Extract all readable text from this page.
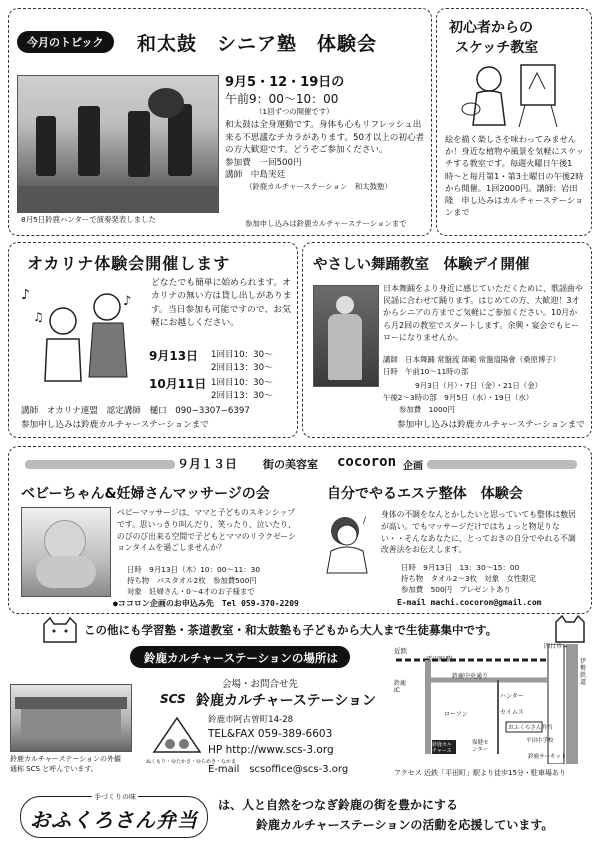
今月のトピック	和太鼓　シニア塾　体験会
8月5日鈴鹿ハンターで演奏発表しました
9月5・12・19日の
午前9：00〜10：00
（1回ずつの開催です）
和太鼓は全身運動です。身体も心もリフレッシュ出来る不思議なチカラがあります。50才以上の初心者の方大歓迎です。どうぞご参加ください。
参加費　一回500円
講師　中島実廷
（鈴鹿カルチャーステーション　和太鼓塾）
参加申し込みは鈴鹿カルチャーステーションまで
初心者からの
スケッチ教室
絵を描く楽しさを味わってみませんか！身近な植物や風景を気軽にスケッチする教室です。毎週火曜日午後1時〜と毎月第1・第3土曜日の午後2時から開催。1回2000円。講師：岩田隆　申し込みはカルチャーステーションまで
オカリナ体験会開催します
♪
♫
♪
どなたでも簡単に始められます。オカリナの無い方は貸し出しがあります。当日参加も可能ですので、お気軽にお越しください。
9月13日 1回目10：30〜
2回目13：30〜
10月11日 1回目10：30〜
2回目13：30〜
講師　オカリナ連盟　認定講師　樋口　090−3307−6397
参加申し込みは鈴鹿カルチャーステーションまで
やさしい舞踊教室　体験デイ開催
日本舞踊をより身近に感じていただくために、歌謡曲や民謡に合わせて踊ります。はじめての方、大歓迎！3才からシニアの方までご気軽にご参加ください。10月から月2回の教室でスタートします。余興・宴会でもヒーローになりませんか。
講師　日本舞踊 常盤流 師範 常盤扇陽會（桑原博子）
日時　午前10〜11時の部
9月3日（月）・7日（金）・21日（金）
午後2〜3時の部　9月5日（水）・19日（水）
参加費　1000円
参加申し込みは鈴鹿カルチャーステーションまで
９月１３日 街の美容室 cocoron 企画
ベビーちゃん&妊婦さんマッサージの会
ベビーマッサージは、ママと子どものスキンシップです。思いっきり叫んだり、笑ったり、泣いたり、のびのび出来る空間で子どもとママのリラクゼーションタイムを過ごしませんか？
日時　9月13日（木）10：00〜11：30
持ち物　バスタオル2枚　参加費500円
対象　妊婦さん・0〜4才のお子様まで
自分でやるエステ整体　体験会
/
身体の不調をなんとかしたいと思っていても整体は敷居が高い。でもマッサージだけではちょっと物足りない・・そんなあなたに、とっておきの自分でやれる不調改善法をお伝えします。
日時　9月13日　13：30〜15：00
持ち物　タオル2〜3枚　対象　女性限定
参加費　500円　プレゼントあり
●ココロン企画のお申込み先　Tel 059-370-2209	E-mail machi.cocoron@gmail.com
この他にも学習塾・茶道教室・和太鼓塾も子どもから大人まで生徒募集中です。
鈴鹿カルチャーステーションの場所は
鈴鹿カルチャーステーションの外観
通称 SCS と呼んでいます。
会場・お問合せ先
SCS 鈴鹿カルチャーステーション
ぬくもり・ゆたかさ・ゆらめき・なかま
鈴鹿市阿古曽町14-28
TEL&FAX 059-389-6603
HP http://www.scs-3.org
E-mail　scsoffice@scs-3.org
近鉄
平田町駅
四日市→
伊勢鉄道
鈴鹿IC
鈴鹿中央通り
ハンター
ローソン	セイムス
おふくろさん弁当
平田中学校
保健センター
鈴鹿カルチャーステーション
鈴鹿サーキット
アクセス 近鉄「平田町」駅より徒歩15分・駐車場あり
手づくりの味
おふくろさん弁当
は、人と自然をつなぎ鈴鹿の街を豊かにする
鈴鹿カルチャーステーションの活動を応援しています。
